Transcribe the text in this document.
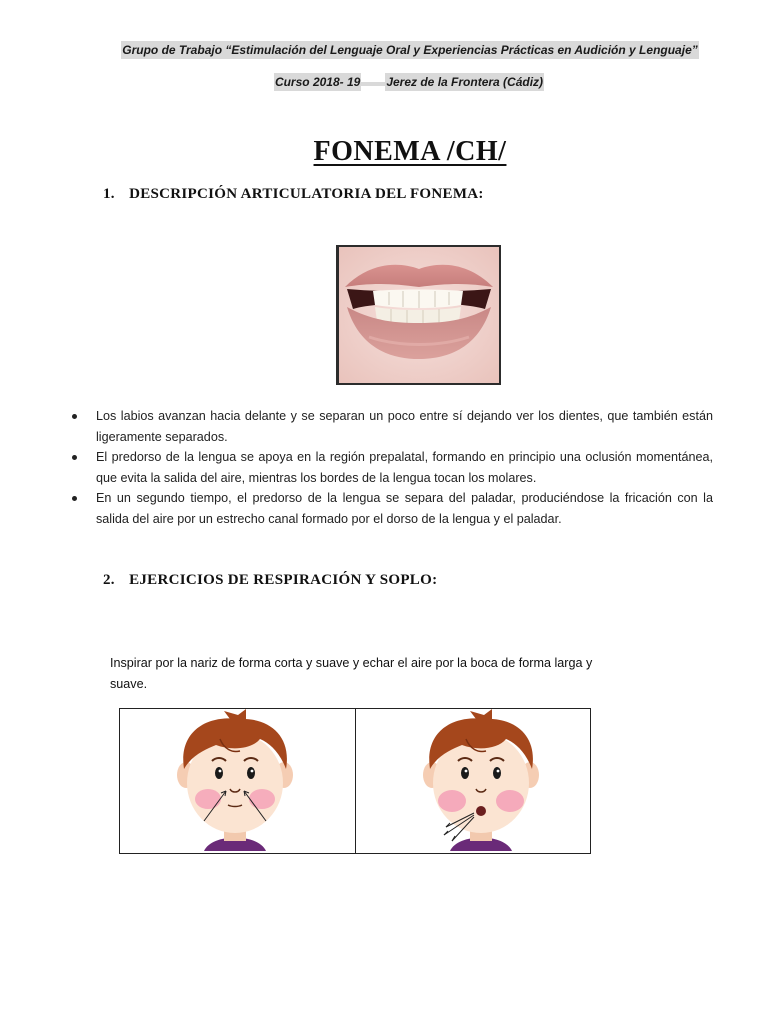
Grupo de Trabajo “Estimulación del Lenguaje Oral y Experiencias Prácticas en Audición y Lenguaje”
Curso 2018- 19 Jerez de la Frontera (Cádiz)
FONEMA /CH/
1. DESCRIPCIÓN ARTICULATORIA DEL FONEMA:
Los labios avanzan hacia delante y se separan un poco entre sí dejando ver los dientes, que también están ligeramente separados.
El predorso de la lengua se apoya en la región prepalatal, formando en principio una oclusión momentánea, que evita la salida del aire, mientras los bordes de la lengua tocan los molares.
En un segundo tiempo, el predorso de la lengua se separa del paladar, produciéndose la fricación con la salida del aire por un estrecho canal formado por el dorso de la lengua y el paladar.
2. EJERCICIOS DE RESPIRACIÓN Y SOPLO:

Inspirar por la nariz de forma corta y suave y echar el aire por la boca de forma larga y suave.
